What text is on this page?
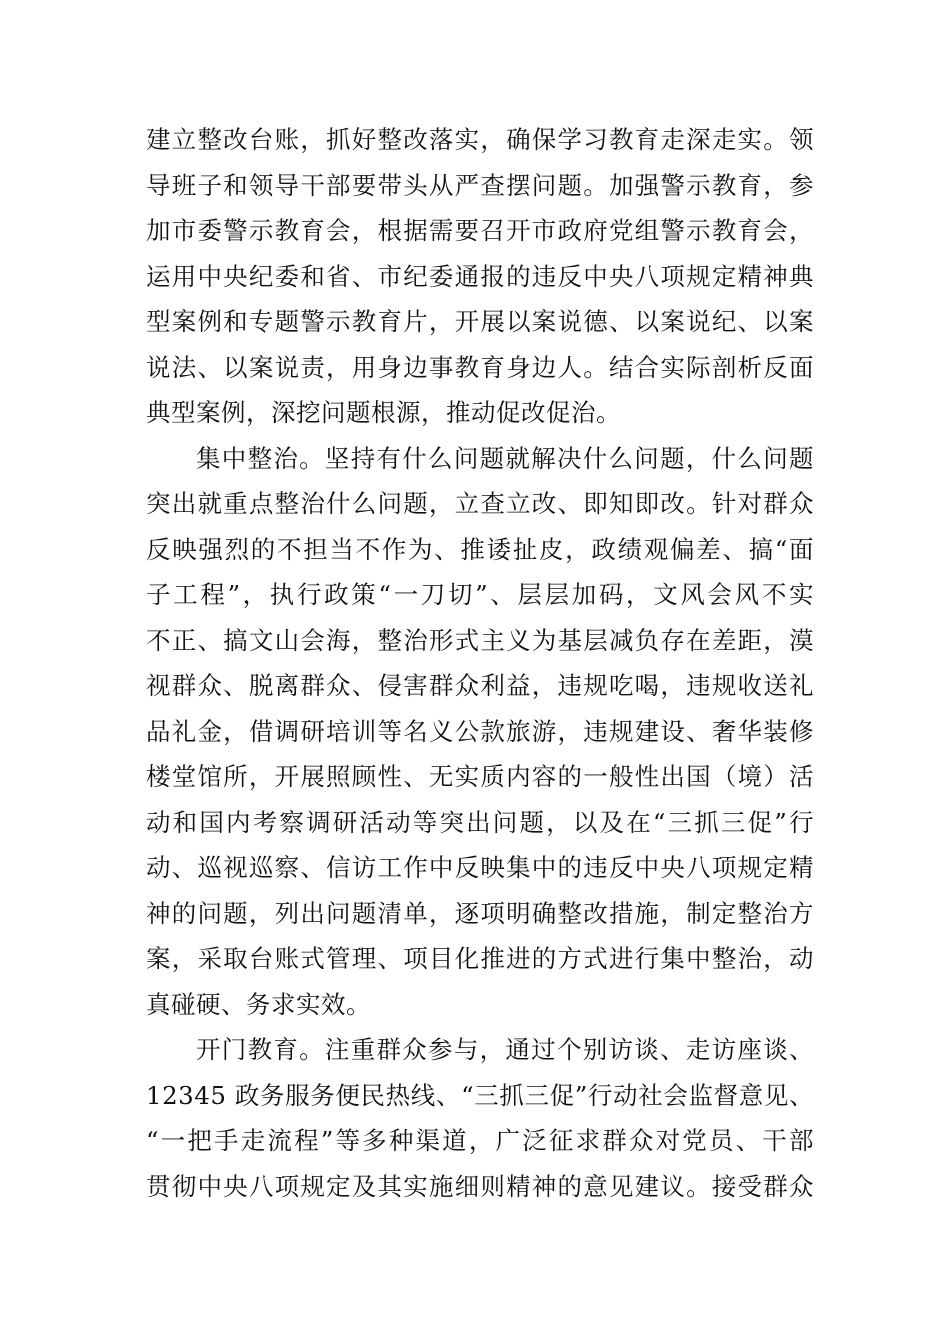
建立整改台账，抓好整改落实，确保学习教育走深走实。领
导班子和领导干部要带头从严查摆问题。加强警示教育，参
加市委警示教育会，根据需要召开市政府党组警示教育会，
运用中央纪委和省、市纪委通报的违反中央八项规定精神典
型案例和专题警示教育片，开展以案说德、以案说纪、以案
说法、以案说责，用身边事教育身边人。结合实际剖析反面
典型案例，深挖问题根源，推动促改促治。
集中整治。坚持有什么问题就解决什么问题，什么问题
突出就重点整治什么问题，立查立改、即知即改。针对群众
反映强烈的不担当不作为、推诿扯皮，政绩观偏差、搞“面
子工程”，执行政策“一刀切”、层层加码，文风会风不实
不正、搞文山会海，整治形式主义为基层减负存在差距，漠
视群众、脱离群众、侵害群众利益，违规吃喝，违规收送礼
品礼金，借调研培训等名义公款旅游，违规建设、奢华装修
楼堂馆所，开展照顾性、无实质内容的一般性出国（境）活
动和国内考察调研活动等突出问题，以及在“三抓三促”行
动、巡视巡察、信访工作中反映集中的违反中央八项规定精
神的问题，列出问题清单，逐项明确整改措施，制定整治方
案，采取台账式管理、项目化推进的方式进行集中整治，动
真碰硬、务求实效。
开门教育。注重群众参与，通过个别访谈、走访座谈、
12345 政务服务便民热线、“三抓三促”行动社会监督意见、
“一把手走流程”等多种渠道，广泛征求群众对党员、干部
贯彻中央八项规定及其实施细则精神的意见建议。接受群众
